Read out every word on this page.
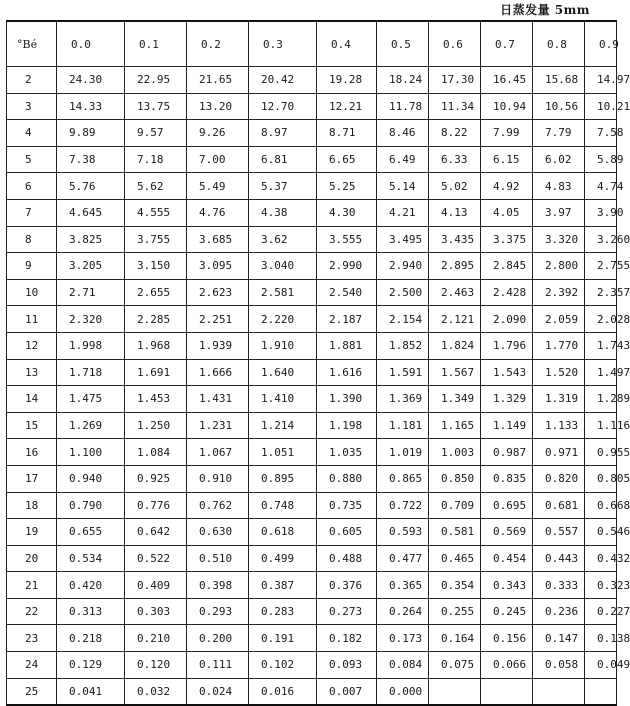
日蒸发量 5mm
°Bé	0.0	0.1	0.2	0.3	0.4	0.5	0.6	0.7	0.8	0.9
2	24.30	22.95	21.65	20.42	19.28	18.24	17.30	16.45	15.68	14.97
3	14.33	13.75	13.20	12.70	12.21	11.78	11.34	10.94	10.56	10.21
4	9.89	9.57	9.26	8.97	8.71	8.46	8.22	7.99	7.79	7.58
5	7.38	7.18	7.00	6.81	6.65	6.49	6.33	6.15	6.02	5.89
6	5.76	5.62	5.49	5.37	5.25	5.14	5.02	4.92	4.83	4.74
7	4.645	4.555	4.76	4.38	4.30	4.21	4.13	4.05	3.97	3.90
8	3.825	3.755	3.685	3.62	3.555	3.495	3.435	3.375	3.320	3.260
9	3.205	3.150	3.095	3.040	2.990	2.940	2.895	2.845	2.800	2.755
10	2.71	2.655	2.623	2.581	2.540	2.500	2.463	2.428	2.392	2.357
11	2.320	2.285	2.251	2.220	2.187	2.154	2.121	2.090	2.059	2.028
12	1.998	1.968	1.939	1.910	1.881	1.852	1.824	1.796	1.770	1.743
13	1.718	1.691	1.666	1.640	1.616	1.591	1.567	1.543	1.520	1.497
14	1.475	1.453	1.431	1.410	1.390	1.369	1.349	1.329	1.319	1.289
15	1.269	1.250	1.231	1.214	1.198	1.181	1.165	1.149	1.133	1.116
16	1.100	1.084	1.067	1.051	1.035	1.019	1.003	0.987	0.971	0.955
17	0.940	0.925	0.910	0.895	0.880	0.865	0.850	0.835	0.820	0.805
18	0.790	0.776	0.762	0.748	0.735	0.722	0.709	0.695	0.681	0.668
19	0.655	0.642	0.630	0.618	0.605	0.593	0.581	0.569	0.557	0.546
20	0.534	0.522	0.510	0.499	0.488	0.477	0.465	0.454	0.443	0.432
21	0.420	0.409	0.398	0.387	0.376	0.365	0.354	0.343	0.333	0.323
22	0.313	0.303	0.293	0.283	0.273	0.264	0.255	0.245	0.236	0.227
23	0.218	0.210	0.200	0.191	0.182	0.173	0.164	0.156	0.147	0.138
24	0.129	0.120	0.111	0.102	0.093	0.084	0.075	0.066	0.058	0.049
25	0.041	0.032	0.024	0.016	0.007	0.000				
